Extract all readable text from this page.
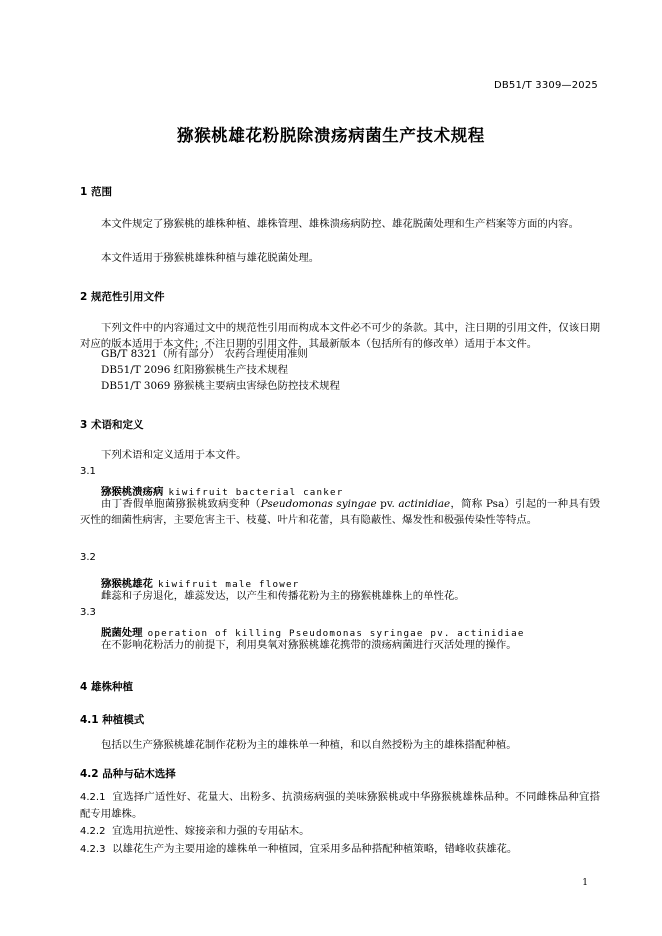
DB51/T 3309—2025
猕猴桃雄花粉脱除溃疡病菌生产技术规程
1 范围
本文件规定了猕猴桃的雄株种植、雄株管理、雄株溃疡病防控、雄花脱菌处理和生产档案等方面的内容。
本文件适用于猕猴桃雄株种植与雄花脱菌处理。
2 规范性引用文件
下列文件中的内容通过文中的规范性引用而构成本文件必不可少的条款。其中，注日期的引用文件，仅该日期对应的版本适用于本文件；不注日期的引用文件，其最新版本（包括所有的修改单）适用于本文件。
GB/T 8321（所有部分）　农药合理使用准则
DB51/T 2096 红阳猕猴桃生产技术规程
DB51/T 3069 猕猴桃主要病虫害绿色防控技术规程
3 术语和定义
下列术语和定义适用于本文件。
3.1
猕猴桃溃疡病 kiwifruit bacterial canker
由丁香假单胞菌猕猴桃致病变种（Pseudomonas syingae pv. actinidiae，简称 Psa）引起的一种具有毁灭性的细菌性病害，主要危害主干、枝蔓、叶片和花蕾，具有隐蔽性、爆发性和极强传染性等特点。
3.2
猕猴桃雄花 kiwifruit male flower
雌蕊和子房退化，雄蕊发达，以产生和传播花粉为主的猕猴桃雄株上的单性花。
3.3
脱菌处理 operation of killing Pseudomonas syringae pv. actinidiae
在不影响花粉活力的前提下，利用臭氧对猕猴桃雄花携带的溃疡病菌进行灭活处理的操作。
4 雄株种植
4.1 种植模式
包括以生产猕猴桃雄花制作花粉为主的雄株单一种植，和以自然授粉为主的雄株搭配种植。
4.2 品种与砧木选择
4.2.1 宜选择广适性好、花量大、出粉多、抗溃疡病强的美味猕猴桃或中华猕猴桃雄株品种。不同雌株品种宜搭配专用雄株。
4.2.2 宜选用抗逆性、嫁接亲和力强的专用砧木。
4.2.3 以雄花生产为主要用途的雄株单一种植园，宜采用多品种搭配种植策略，错峰收获雄花。
1
